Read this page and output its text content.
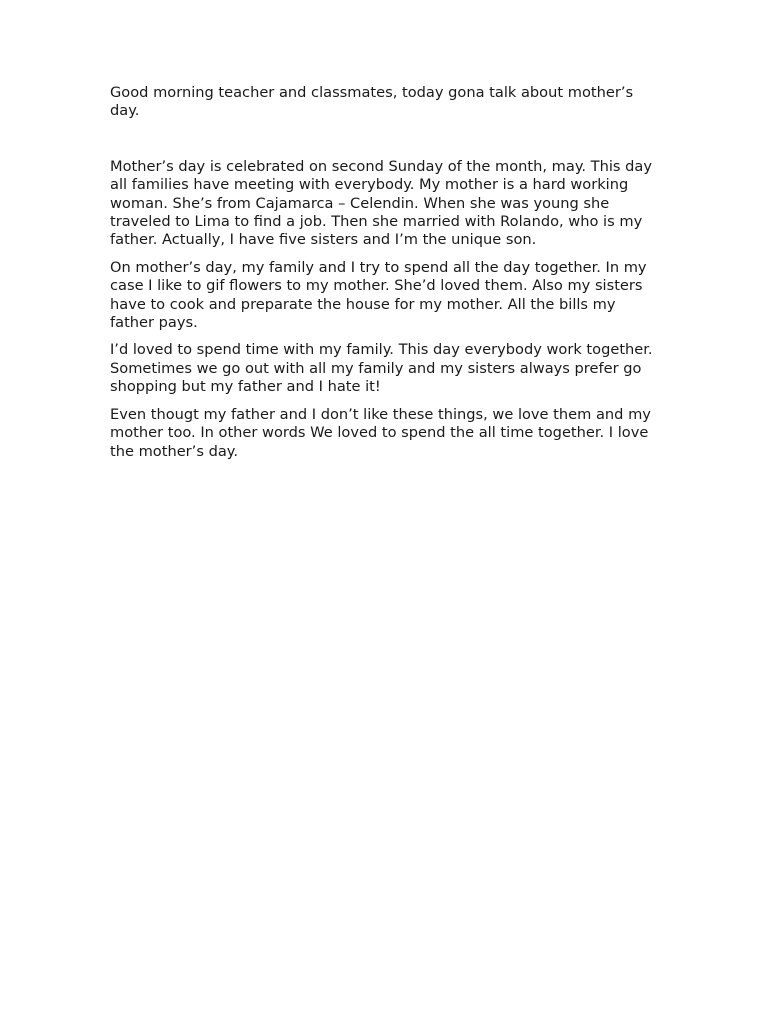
Good morning teacher and classmates, today gona talk about mother’s day.

Mother’s day is celebrated on second Sunday of the month, may. This day all families have meeting with everybody. My mother is a hard working woman. She’s from Cajamarca – Celendin. When she was young she traveled to Lima to find a job. Then she married with Rolando, who is my father. Actually, I have five sisters and I’m the unique son.

On mother’s day, my family and I try to spend all the day together. In my case I like to gif flowers to my mother. She’d loved them. Also my sisters have to cook and preparate the house for my mother. All the bills my father pays.

I’d loved to spend time with my family. This day everybody work together. Sometimes we go out with all my family and my sisters always prefer go shopping but my father and I hate it!

Even thougt my father and I don’t like these things, we love them and my mother too. In other words We loved to spend the all time together. I love the mother’s day.
